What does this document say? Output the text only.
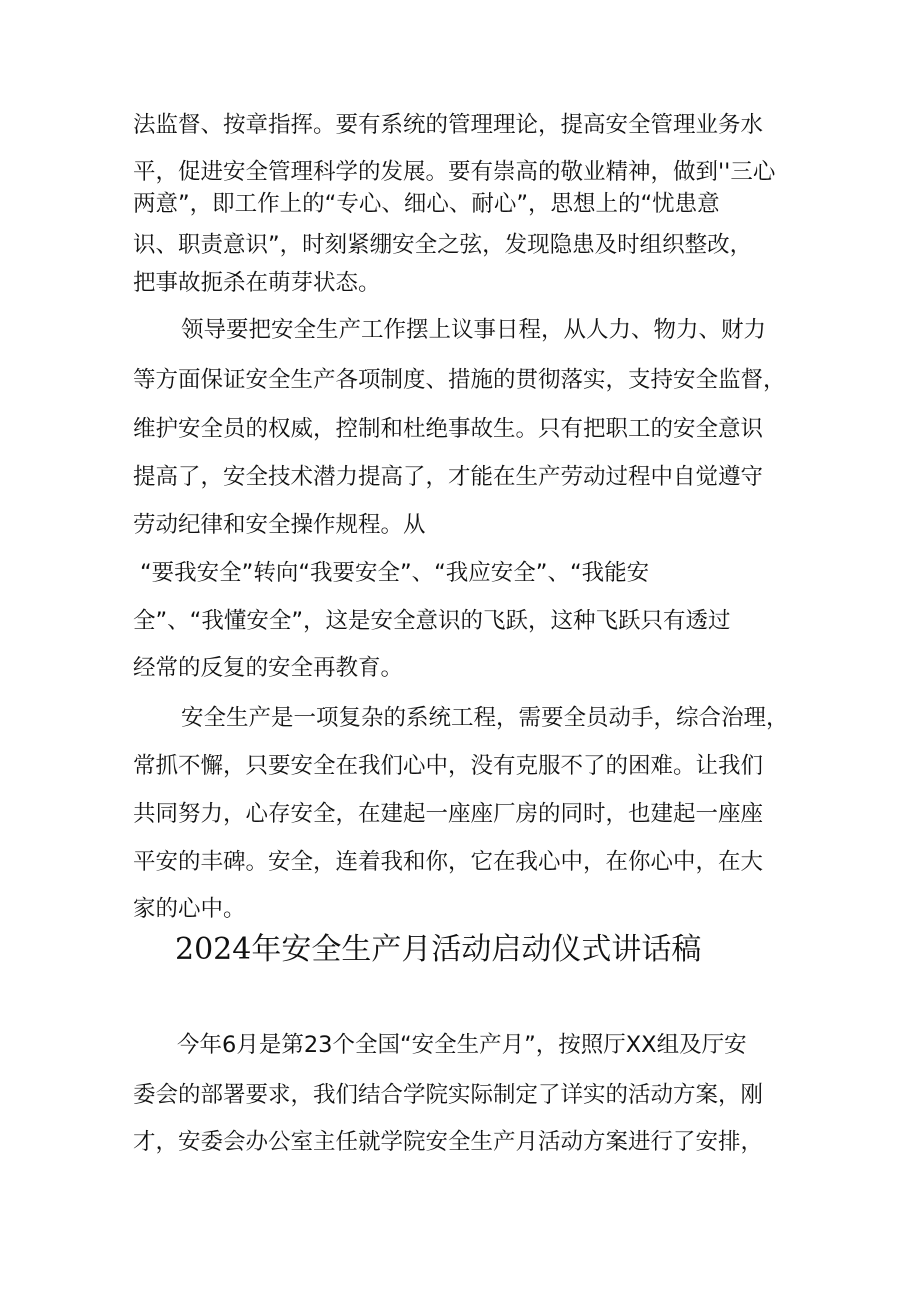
法监督、按章指挥。要有系统的管理理论，提高安全管理业务水
平，促进安全管理科学的发展。要有崇高的敬业精神，做到''三心
两意”，即工作上的“专心、细心、耐心”，思想上的“忧患意
识、职责意识”，时刻紧绷安全之弦，发现隐患及时组织整改，
把事故扼杀在萌芽状态。
领导要把安全生产工作摆上议事日程，从人力、物力、财力
等方面保证安全生产各项制度、措施的贯彻落实，支持安全监督，
维护安全员的权威，控制和杜绝事故生。只有把职工的安全意识
提高了，安全技术潜力提高了，才能在生产劳动过程中自觉遵守
劳动纪律和安全操作规程。从
“要我安全”转向“我要安全”、“我应安全”、“我能安
全”、“我懂安全”，这是安全意识的飞跃，这种飞跃只有透过
经常的反复的安全再教育。
安全生产是一项复杂的系统工程，需要全员动手，综合治理，
常抓不懈，只要安全在我们心中，没有克服不了的困难。让我们
共同努力，心存安全，在建起一座座厂房的同时，也建起一座座
平安的丰碑。安全，连着我和你，它在我心中，在你心中，在大
家的心中。
2024年安全生产月活动启动仪式讲话稿
今年6月是第23个全国“安全生产月”，按照厅XX组及厅安
委会的部署要求，我们结合学院实际制定了详实的活动方案，刚
才，安委会办公室主任就学院安全生产月活动方案进行了安排，
